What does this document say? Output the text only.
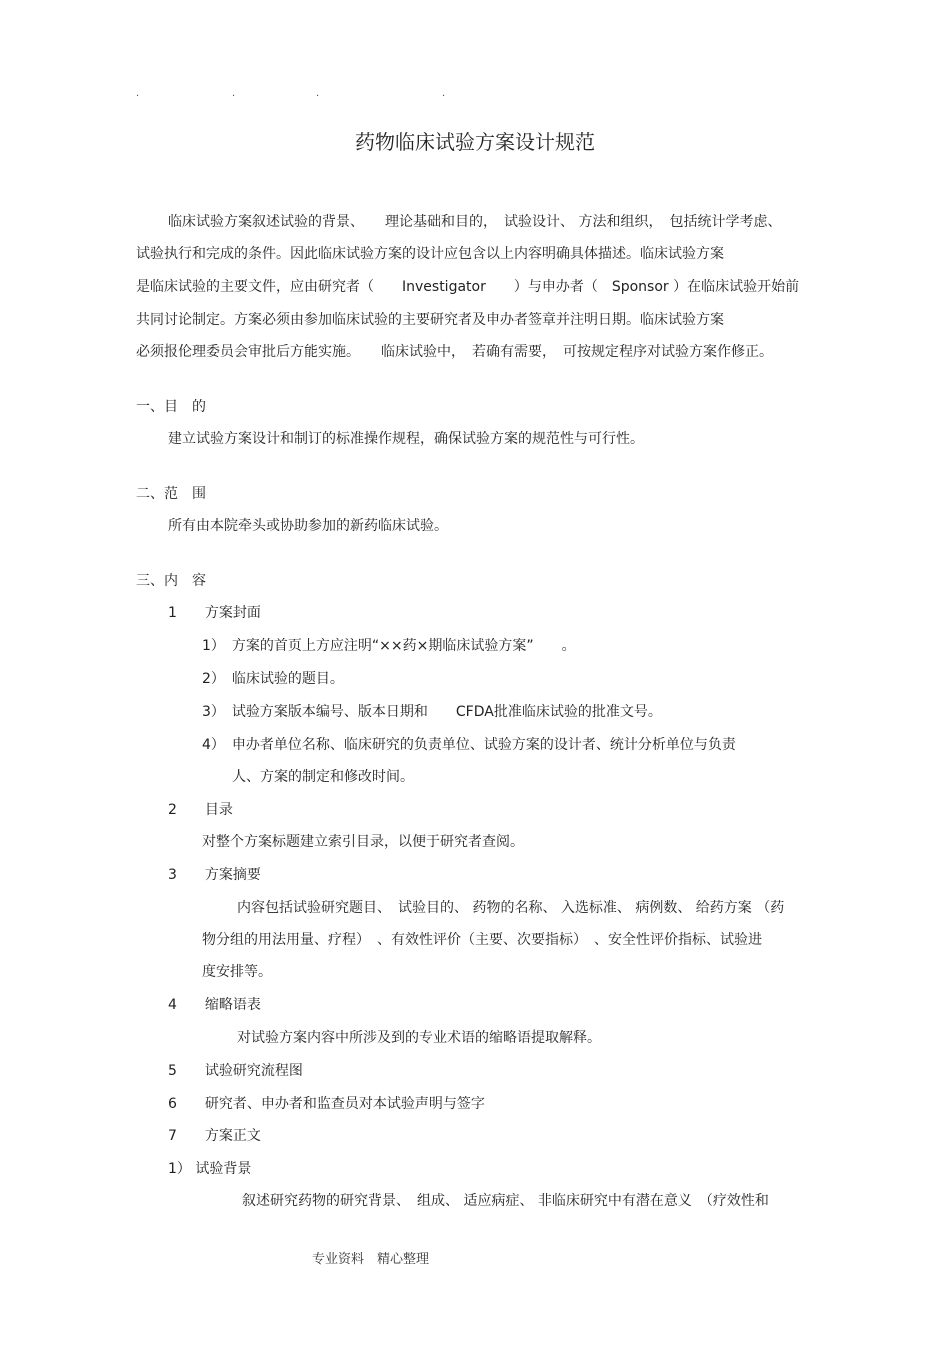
.	.	.	.
药物临床试验方案设计规范
临床试验方案叙述试验的背景、　　理论基础和目的，　试验设计、 方法和组织，　包括统计学考虑、
试验执行和完成的条件。因此临床试验方案的设计应包含以上内容明确具体描述。临床试验方案
是临床试验的主要文件，应由研究者（　　Investigator　　）与申办者（　Sponsor ）在临床试验开始前
共同讨论制定。方案必须由参加临床试验的主要研究者及申办者签章并注明日期。临床试验方案
必须报伦理委员会审批后方能实施。　　临床试验中，　若确有需要，　可按规定程序对试验方案作修正。
一、目　的
建立试验方案设计和制订的标准操作规程，确保试验方案的规范性与可行性。
二、范　围
所有由本院牵头或协助参加的新药临床试验。
三、内　容
1　　方案封面
1）　方案的首页上方应注明“××药×期临床试验方案”　　。
2）　临床试验的题目。
3）　试验方案版本编号、版本日期和　　CFDA批准临床试验的批准文号。
4）　申办者单位名称、临床研究的负责单位、试验方案的设计者、统计分析单位与负责
人、方案的制定和修改时间。
2　　目录
对整个方案标题建立索引目录，以便于研究者查阅。
3　　方案摘要
内容包括试验研究题目、　试验目的、 药物的名称、 入选标准、 病例数、 给药方案 （药
物分组的用法用量、疗程）　、有效性评价（主要、次要指标）　、安全性评价指标、试验进
度安排等。
4　　缩略语表
对试验方案内容中所涉及到的专业术语的缩略语提取解释。
5　　试验研究流程图
6　　研究者、申办者和监查员对本试验声明与签字
7　　方案正文
1） 试验背景
叙述研究药物的研究背景、　组成、 适应病症、 非临床研究中有潜在意义　（疗效性和
专业资料　精心整理
